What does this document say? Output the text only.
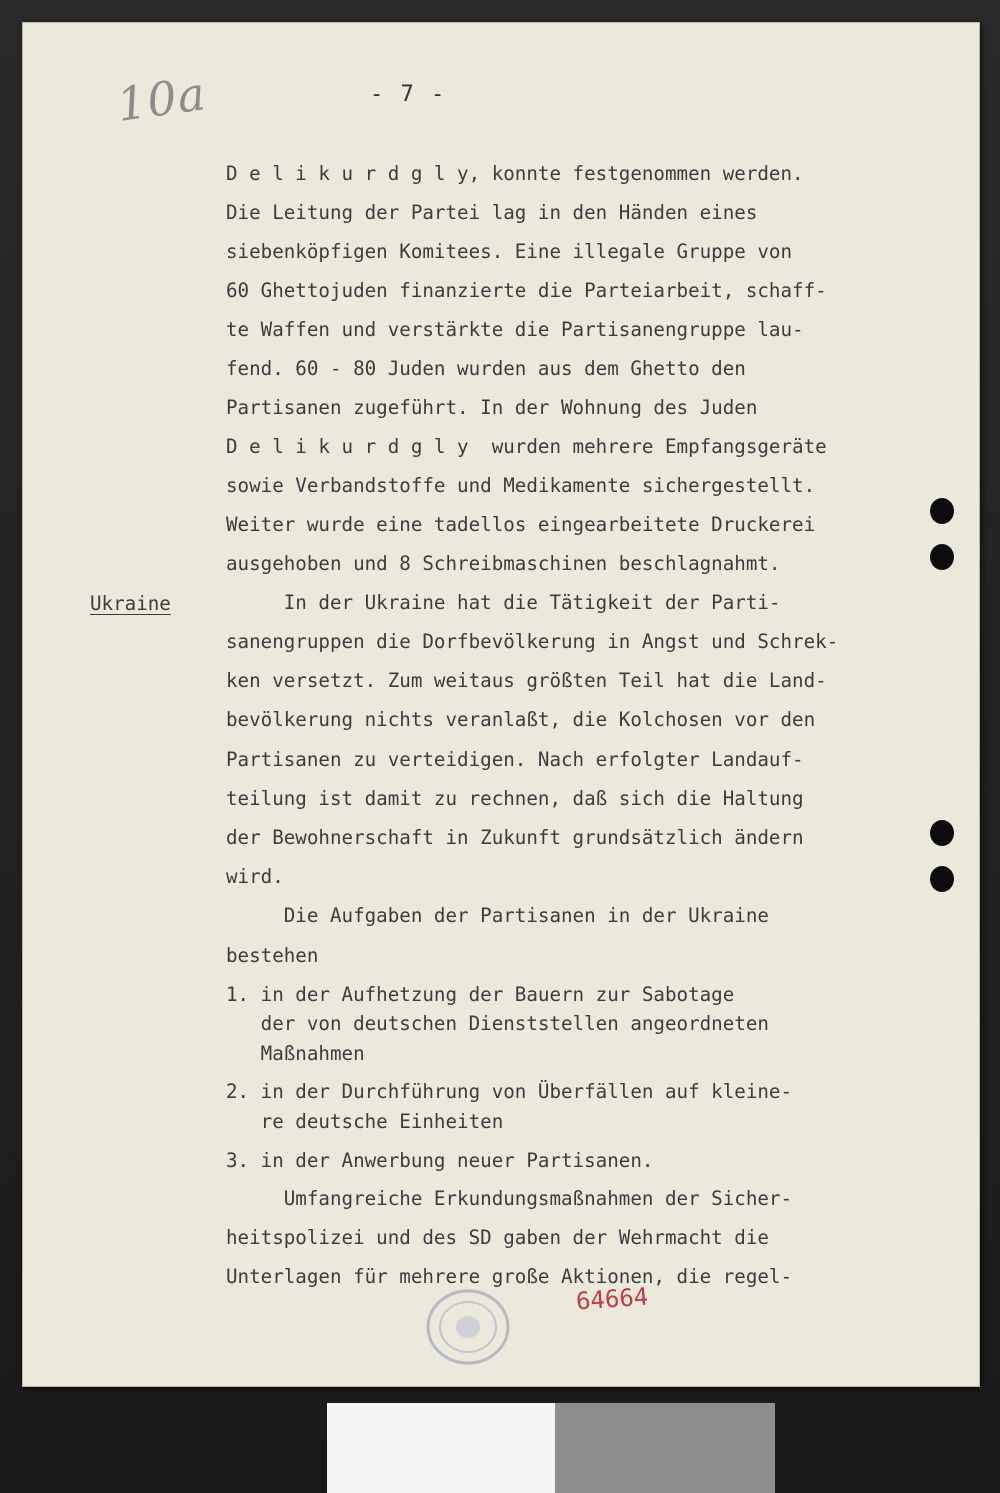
10a	- 7 -
Ukraine

D e l i k u r d g l y, konnte festgenommen werden.

Die Leitung der Partei lag in den Händen eines

siebenköpfigen Komitees. Eine illegale Gruppe von

60 Ghettojuden finanzierte die Parteiarbeit, schaff-

te Waffen und verstärkte die Partisanengruppe lau-

fend. 60 - 80 Juden wurden aus dem Ghetto den

Partisanen zugeführt. In der Wohnung des Juden

D e l i k u r d g l y  wurden mehrere Empfangsgeräte

sowie Verbandstoffe und Medikamente sichergestellt.

Weiter wurde eine tadellos eingearbeitete Druckerei

ausgehoben und 8 Schreibmaschinen beschlagnahmt.

In der Ukraine hat die Tätigkeit der Parti-

sanengruppen die Dorfbevölkerung in Angst und Schrek-

ken versetzt. Zum weitaus größten Teil hat die Land-

bevölkerung nichts veranlaßt, die Kolchosen vor den

Partisanen zu verteidigen. Nach erfolgter Landauf-

teilung ist damit zu rechnen, daß sich die Haltung

der Bewohnerschaft in Zukunft grundsätzlich ändern

wird.

Die Aufgaben der Partisanen in der Ukraine

bestehen

1. in der Aufhetzung der Bauern zur Sabotage

der von deutschen Dienststellen angeordneten

Maßnahmen

2. in der Durchführung von Überfällen auf kleine-

re deutsche Einheiten

3. in der Anwerbung neuer Partisanen.

Umfangreiche Erkundungsmaßnahmen der Sicher-

heitspolizei und des SD gaben der Wehrmacht die

Unterlagen für mehrere große Aktionen, die regel-

64664
